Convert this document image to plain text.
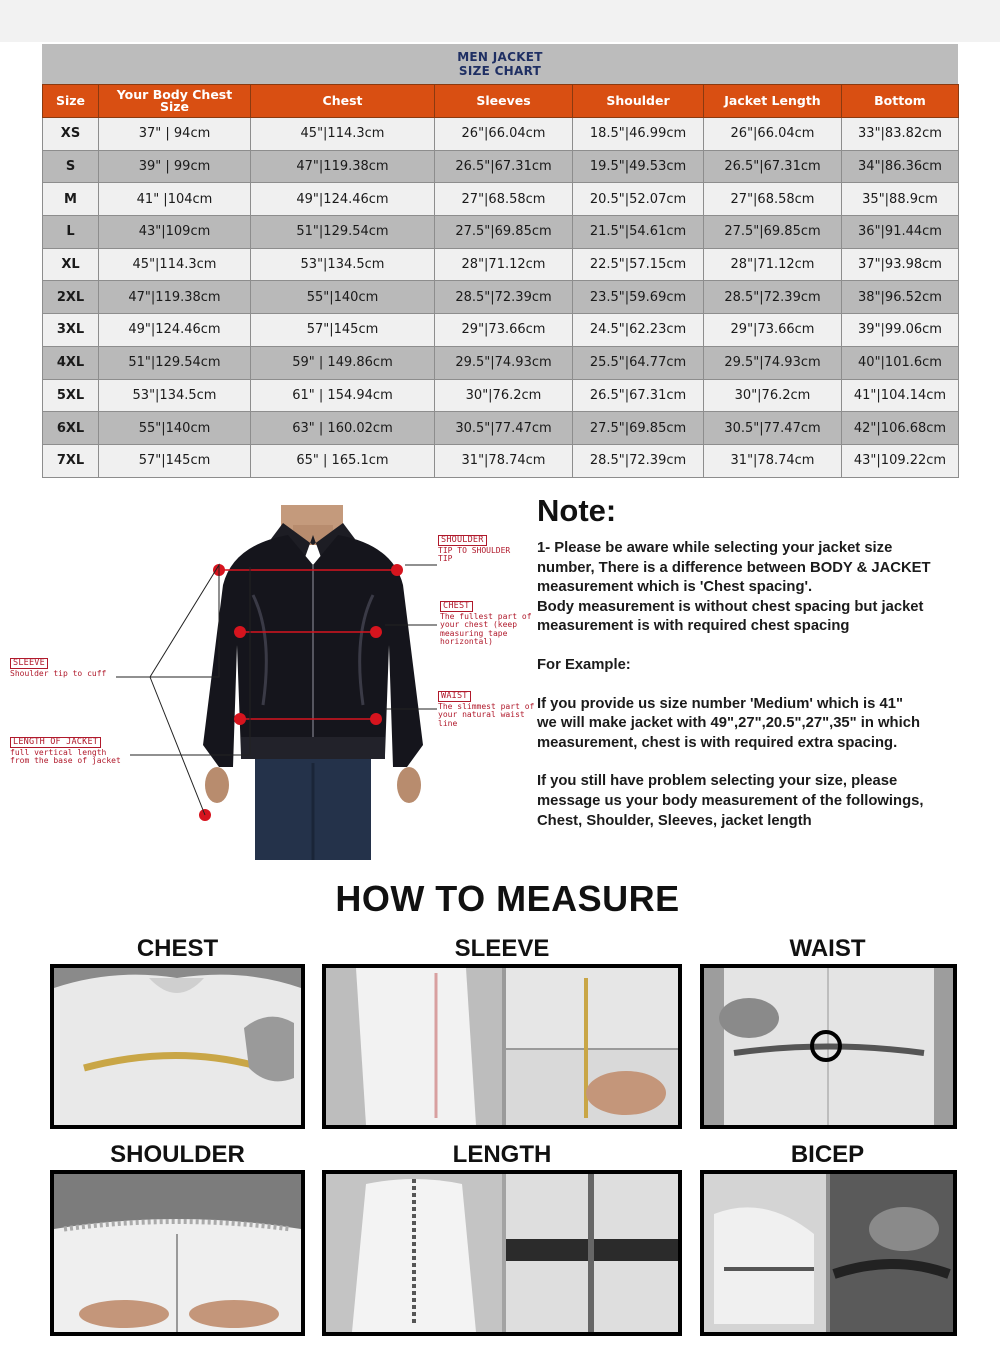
MEN JACKET
SIZE CHART
Size	Your Body Chest Size	Chest	Sleeves	Shoulder	Jacket Length	Bottom
XS	37" | 94cm	45"|114.3cm	26"|66.04cm	18.5"|46.99cm	26"|66.04cm	33"|83.82cm
S	39" | 99cm	47"|119.38cm	26.5"|67.31cm	19.5"|49.53cm	26.5"|67.31cm	34"|86.36cm
M	41" |104cm	49"|124.46cm	27"|68.58cm	20.5"|52.07cm	27"|68.58cm	35"|88.9cm
L	43"|109cm	51"|129.54cm	27.5"|69.85cm	21.5"|54.61cm	27.5"|69.85cm	36"|91.44cm
XL	45"|114.3cm	53"|134.5cm	28"|71.12cm	22.5"|57.15cm	28"|71.12cm	37"|93.98cm
2XL	47"|119.38cm	55"|140cm	28.5"|72.39cm	23.5"|59.69cm	28.5"|72.39cm	38"|96.52cm
3XL	49"|124.46cm	57"|145cm	29"|73.66cm	24.5"|62.23cm	29"|73.66cm	39"|99.06cm
4XL	51"|129.54cm	59" | 149.86cm	29.5"|74.93cm	25.5"|64.77cm	29.5"|74.93cm	40"|101.6cm
5XL	53"|134.5cm	61" | 154.94cm	30"|76.2cm	26.5"|67.31cm	30"|76.2cm	41"|104.14cm
6XL	55"|140cm	63" | 160.02cm	30.5"|77.47cm	27.5"|69.85cm	30.5"|77.47cm	42"|106.68cm
7XL	57"|145cm	65" | 165.1cm	31"|78.74cm	28.5"|72.39cm	31"|78.74cm	43"|109.22cm
SHOULDER
TIP TO SHOULDER TIP
CHEST
The fullest part of your chest (keep measuring tape horizontal)
WAIST
The slimmest part of your natural waist line
SLEEVE
Shoulder tip to cuff
LENGTH OF JACKET
full vertical length from the base of jacket
Note:

1- Please be aware while selecting your jacket size

number, There is a difference between BODY & JACKET

measurement which is 'Chest spacing'.

Body measurement is without chest spacing but jacket

measurement is with required chest spacing

For Example:

If you provide us size number 'Medium' which is 41"

we will make jacket with 49",27",20.5",27",35" in which

measurement, chest is with required extra spacing.

If you still have problem selecting your size, please

message us your body measurement of the followings,

Chest, Shoulder, Sleeves, jacket length

HOW TO MEASURE
CHEST	SLEEVE	WAIST
SHOULDER	LENGTH	BICEP
